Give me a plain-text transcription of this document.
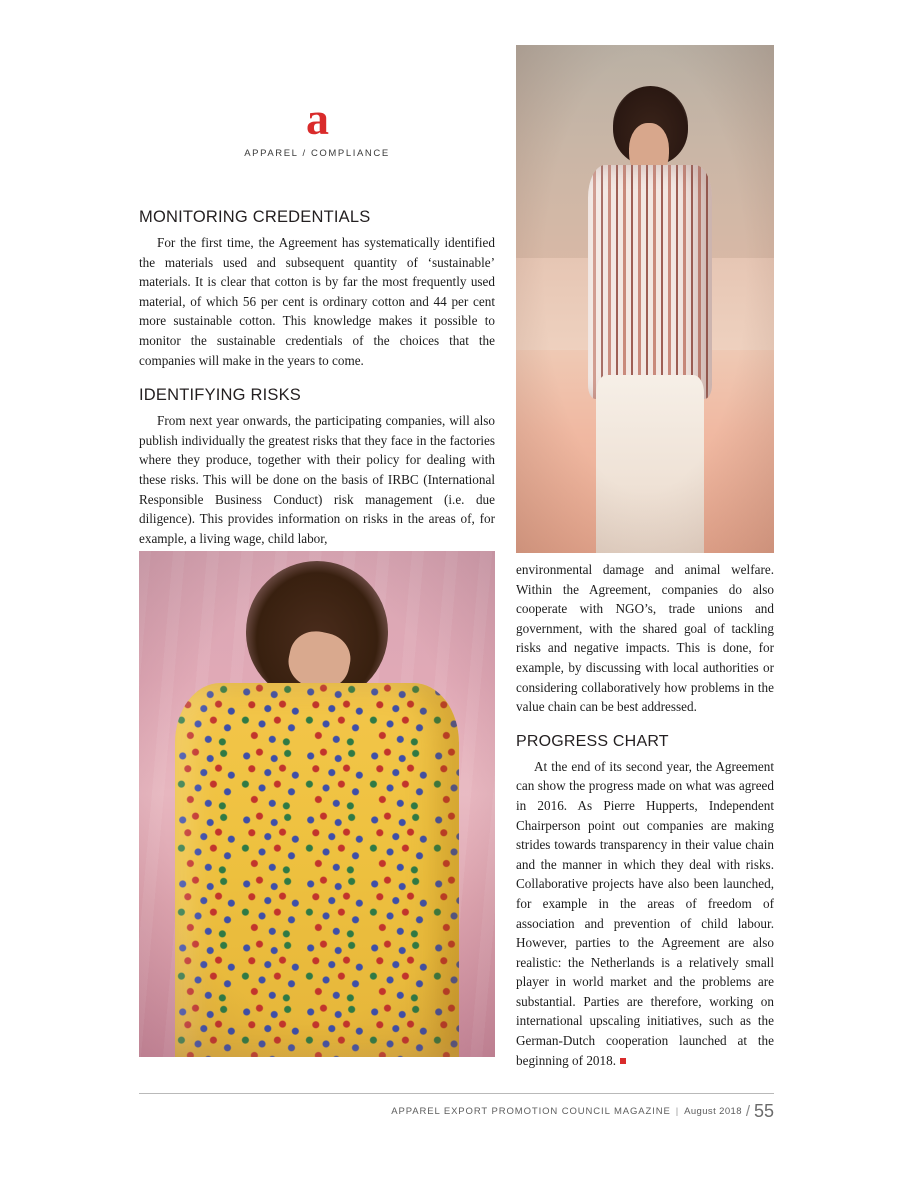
a
APPAREL / COMPLIANCE
MONITORING CREDENTIALS

For the first time, the Agreement has systematically identified the materials used and subsequent quantity of ‘sustainable’ materials. It is clear that cotton is by far the most frequently used material, of which 56 per cent is ordinary cotton and 44 per cent more sustainable cotton. This knowledge makes it possible to monitor the sustainable credentials of the choices that the companies will make in the years to come.

IDENTIFYING RISKS

From next year onwards, the participating companies, will also publish individually the greatest risks that they face in the factories where they produce, together with their policy for dealing with these risks. This will be done on the basis of IRBC (International Responsible Business Conduct) risk management (i.e. due diligence). This provides information on risks in the areas of, for example, a living wage, child labor,

environmental damage and animal welfare. Within the Agreement, companies do also cooperate with NGO’s, trade unions and government, with the shared goal of tackling risks and negative impacts. This is done, for example, by discussing with local authorities or considering collaboratively how problems in the value chain can be best addressed.

PROGRESS CHART

At the end of its second year, the Agreement can show the progress made on what was agreed in 2016. As Pierre Hupperts, Independent Chairperson point out companies are making strides towards transparency in their value chain and the manner in which they deal with risks. Collaborative projects have also been launched, for example in the areas of freedom of association and prevention of child labour. However, parties to the Agreement are also realistic: the Netherlands is a relatively small player in world market and the problems are substantial. Parties are therefore, working on international upscaling initiatives, such as the German-Dutch cooperation launched at the beginning of 2018.

APPAREL EXPORT PROMOTION COUNCIL MAGAZINE | August 2018 / 55
